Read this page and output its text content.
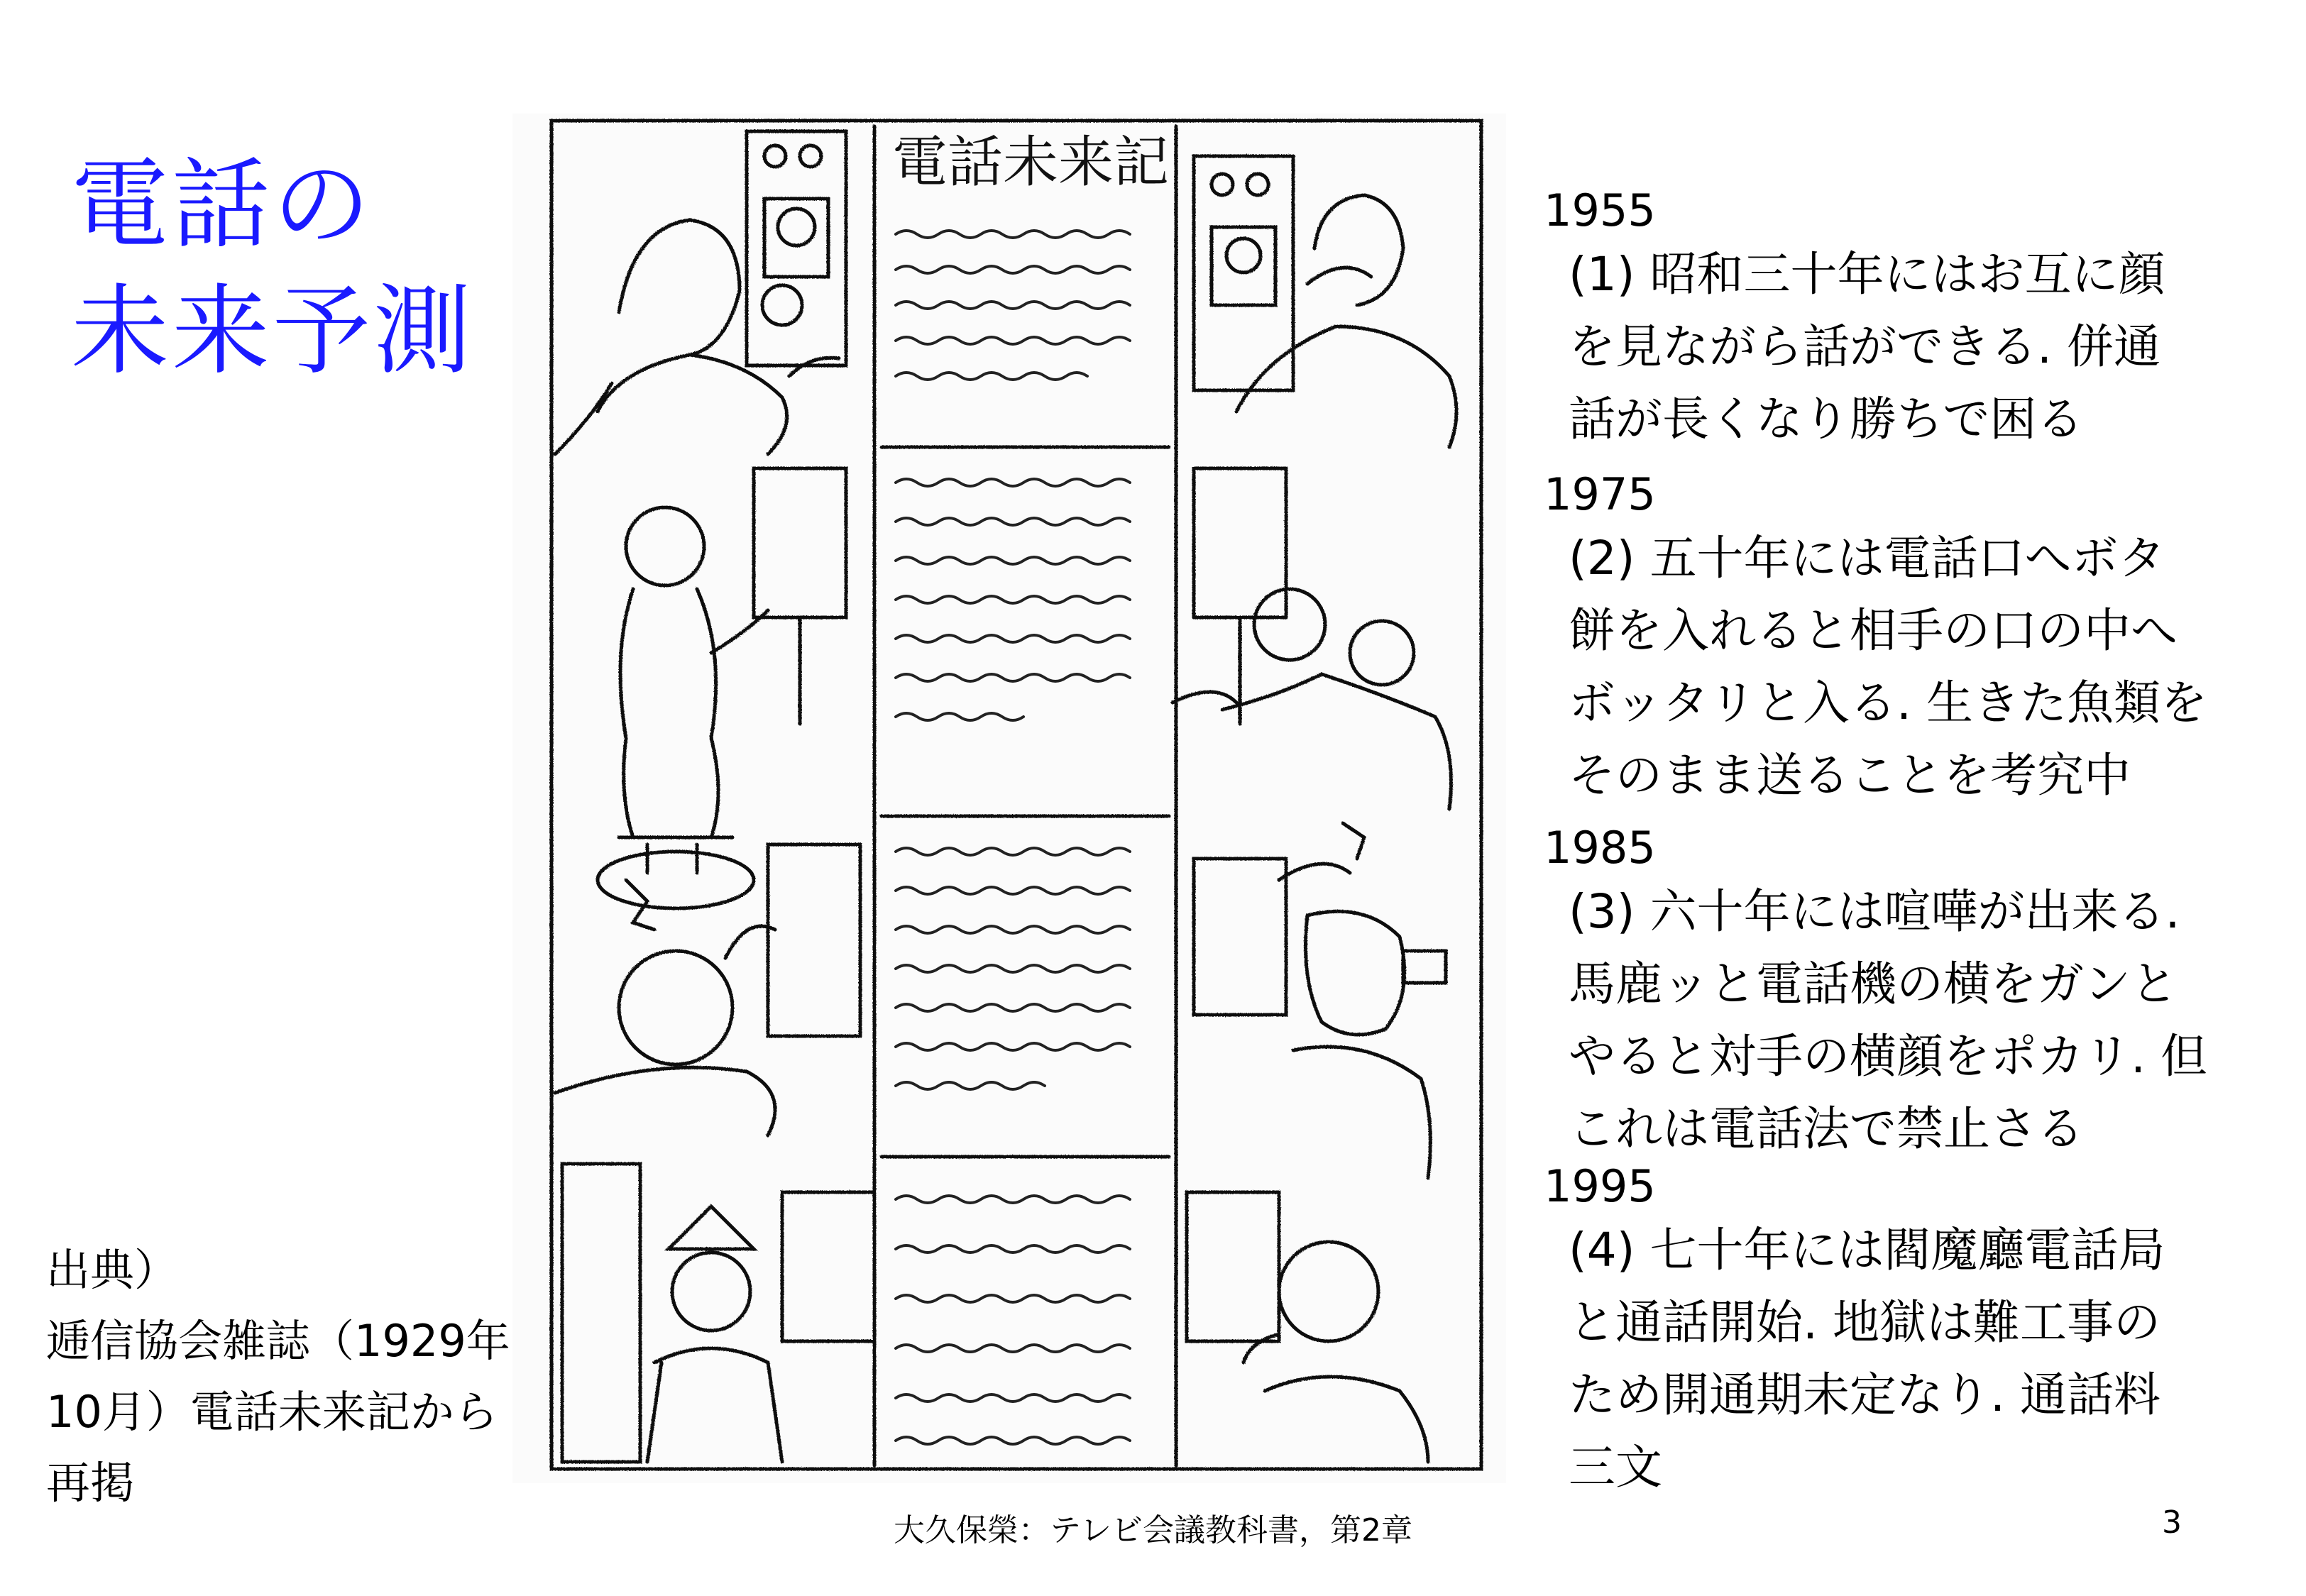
電話の
未来予測
出典）
逓信協会雑誌（1929年
10月）電話未来記から
再掲
電話未来記
1955
(1) 昭和三十年にはお互に顔
を見ながら話ができる. 併通
話が長くなり勝ちで困る
1975
(2) 五十年には電話口へボタ
餅を入れると相手の口の中へ
ボッタリと入る. 生きた魚類を
そのまま送ることを考究中
1985
(3) 六十年には喧嘩が出来る.
馬鹿ッと電話機の横をガンと
やると対手の横顔をポカリ. 但
これは電話法で禁止さる
1995
(4) 七十年には閻魔廳電話局
と通話開始. 地獄は難工事の
ため開通期未定なり. 通話料
三文
大久保榮：テレビ会議教科書，第2章	3
